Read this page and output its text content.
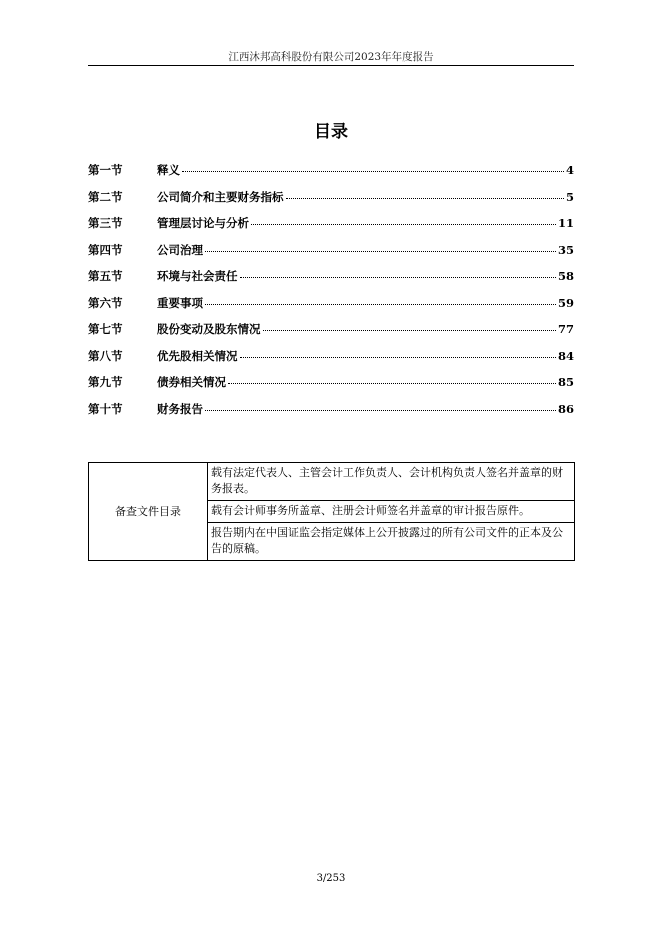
江西沐邦高科股份有限公司2023年年度报告
目录
第一节	释义	4
第二节	公司简介和主要财务指标	5
第三节	管理层讨论与分析	11
第四节	公司治理	35
第五节	环境与社会责任	58
第六节	重要事项	59
第七节	股份变动及股东情况	77
第八节	优先股相关情况	84
第九节	债券相关情况	85
第十节	财务报告	86
备查文件目录	载有法定代表人、主管会计工作负责人、会计机构负责人签名并盖章的财务报表。
载有会计师事务所盖章、注册会计师签名并盖章的审计报告原件。
报告期内在中国证监会指定媒体上公开披露过的所有公司文件的正本及公告的原稿。
3/253
